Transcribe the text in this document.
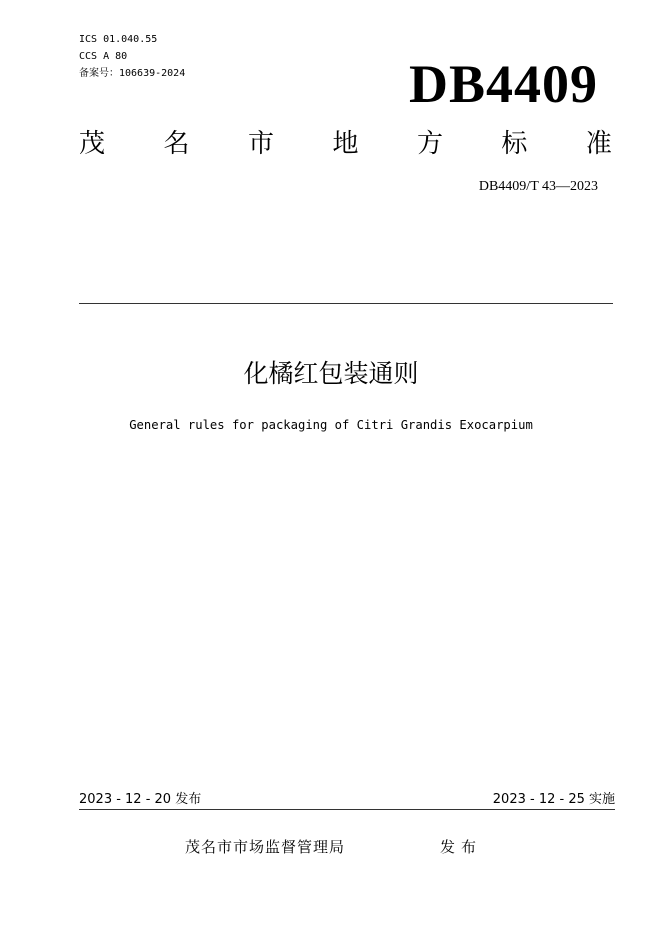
ICS 01.040.55

CCS A 80

备案号：106639-2024	DB4409
茂 名 市 地 方 标 准
DB4409/T 43—2023
化橘红包装通则

General rules for packaging of Citri Grandis Exocarpium

2023 - 12 - 20 发布	2023 - 12 - 25 实施
茂名市市场监督管理局	发布
